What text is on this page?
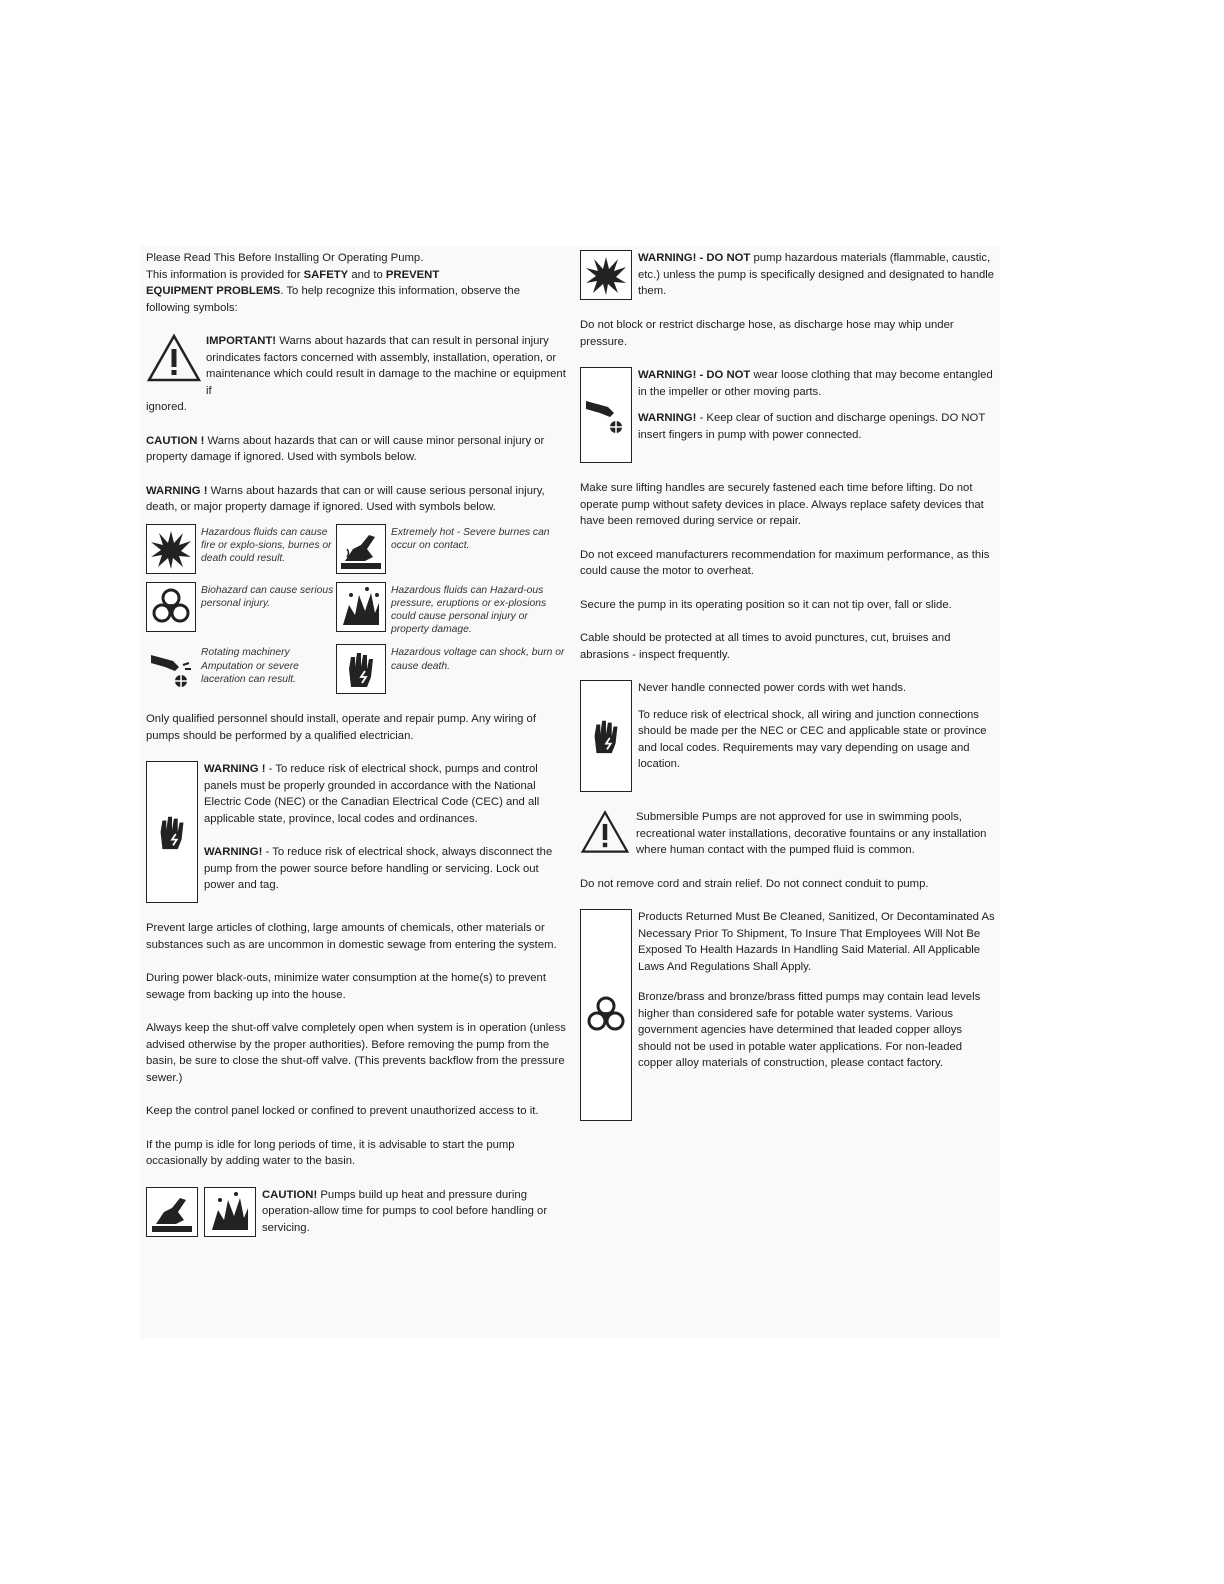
Please Read This Before Installing Or Operating Pump.
This information is provided for SAFETY and to PREVENT
EQUIPMENT PROBLEMS. To help recognize this information, observe the following symbols:

IMPORTANT! Warns about hazards that can result in personal injury orindicates factors concerned with assembly, installation, operation, or maintenance which could result in damage to the machine or equipment if

ignored.

CAUTION ! Warns about hazards that can or will cause minor personal injury or property damage if ignored. Used with symbols below.

WARNING ! Warns about hazards that can or will cause serious personal injury, death, or major property damage if ignored. Used with symbols below.

Hazardous fluids can cause fire or explo-sions, burnes or death could result.
Extremely hot - Severe burnes can occur on contact.
Biohazard can cause serious personal injury.
Hazardous fluids can Hazard-ous pressure, eruptions or ex-plosions could cause personal injury or property damage.
Rotating machinery Amputation or severe laceration can result.
Hazardous voltage can shock, burn or cause death.

Only qualified personnel should install, operate and repair pump. Any wiring of pumps should be performed by a qualified electrician.

WARNING ! - To reduce risk of electrical shock, pumps and control panels must be properly grounded in accordance with the National Electric Code (NEC) or the Canadian Electrical Code (CEC) and all applicable state, province, local codes and ordinances.

WARNING! - To reduce risk of electrical shock, always disconnect the pump from the power source before handling or servicing. Lock out power and tag.

Prevent large articles of clothing, large amounts of chemicals, other materials or substances such as are uncommon in domestic sewage from entering the system.

During power black-outs, minimize water consumption at the home(s) to prevent sewage from backing up into the house.

Always keep the shut-off valve completely open when system is in operation (unless advised otherwise by the proper authorities). Before removing the pump from the basin, be sure to close the shut-off valve. (This prevents backflow from the pressure sewer.)

Keep the control panel locked or confined to prevent unauthorized access to it.

If the pump is idle for long periods of time, it is advisable to start the pump occasionally by adding water to the basin.

CAUTION! Pumps build up heat and pressure during operation-allow time for pumps to cool before handling or servicing.

WARNING! - DO NOT pump hazardous materials (flammable, caustic, etc.) unless the pump is specifically designed and designated to handle them.

Do not block or restrict discharge hose, as discharge hose may whip under pressure.

WARNING! - DO NOT wear loose clothing that may become entangled in the impeller or other moving parts.

WARNING! - Keep clear of suction and discharge openings. DO NOT insert fingers in pump with power connected.

Make sure lifting handles are securely fastened each time before lifting. Do not operate pump without safety devices in place. Always replace safety devices that have been removed during service or repair.

Do not exceed manufacturers recommendation for maximum performance, as this could cause the motor to overheat.

Secure the pump in its operating position so it can not tip over, fall or slide.

Cable should be protected at all times to avoid punctures, cut, bruises and abrasions - inspect frequently.

Never handle connected power cords with wet hands.

To reduce risk of electrical shock, all wiring and junction connections should be made per the NEC or CEC and applicable state or province and local codes. Requirements may vary depending on usage and location.

Submersible Pumps are not approved for use in swimming pools, recreational water installations, decorative fountains or any installation where human contact with the pumped fluid is common.

Do not remove cord and strain relief. Do not connect conduit to pump.

Products Returned Must Be Cleaned, Sanitized, Or Decontaminated As Necessary Prior To Shipment, To Insure That Employees Will Not Be Exposed To Health Hazards In Handling Said Material. All Applicable Laws And Regulations Shall Apply.

Bronze/brass and bronze/brass fitted pumps may contain lead levels higher than considered safe for potable water systems. Various government agencies have determined that leaded copper alloys should not be used in potable water applications. For non-leaded copper alloy materials of construction, please contact factory.
